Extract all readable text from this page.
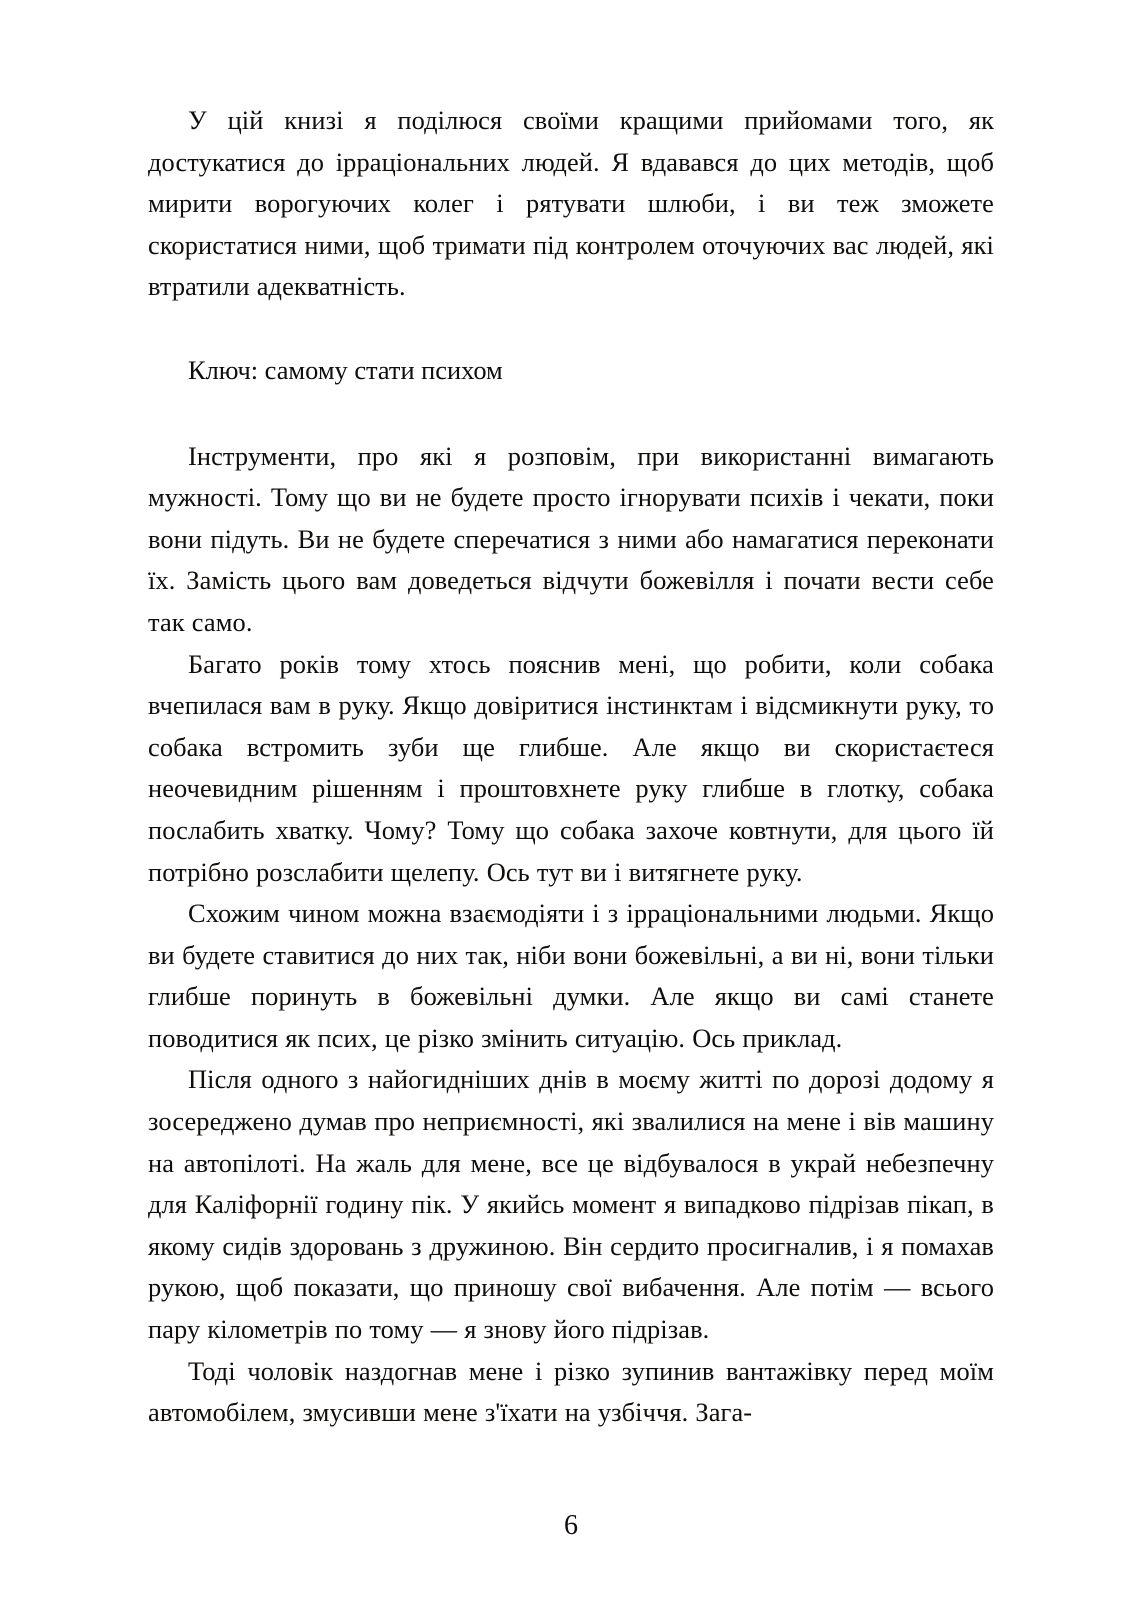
У цій книзі я поділюся своїми кращими прийомами того, як достукатися до ірраціональних людей. Я вдавався до цих методів, щоб мирити ворогуючих колег і рятувати шлюби, і ви теж зможете скористатися ними, щоб тримати під контролем оточуючих вас людей, які втратили адекватність.

Ключ: самому стати психом

Інструменти, про які я розповім, при використанні вимагають мужності. Тому що ви не будете просто ігнорувати психів і чекати, поки вони підуть. Ви не будете сперечатися з ними або намагатися переконати їх. Замість цього вам доведеться відчути божевілля і почати вести себе так само.

Багато років тому хтось пояснив мені, що робити, коли собака вчепилася вам в руку. Якщо довіритися інстинктам і відсмикнути руку, то собака встромить зуби ще глибше. Але якщо ви скористаєтеся неочевидним рішенням і проштовхнете руку глибше в глотку, собака послабить хватку. Чому? Тому що собака захоче ковтнути, для цього їй потрібно розслабити щелепу. Ось тут ви і витягнете руку.

Схожим чином можна взаємодіяти і з ірраціональними людьми. Якщо ви будете ставитися до них так, ніби вони божевільні, а ви ні, вони тільки глибше поринуть в божевільні думки. Але якщо ви самі станете поводитися як псих, це різко змінить ситуацію. Ось приклад.

Після одного з найогидніших днів в моєму житті по дорозі додому я зосереджено думав про неприємності, які звалилися на мене і вів машину на автопілоті. На жаль для мене, все це відбувалося в украй небезпечну для Каліфорнії годину пік. У якийсь момент я випадково підрізав пікап, в якому сидів здоровань з дружиною. Він сердито просигналив, і я помахав рукою, щоб показати, що приношу свої вибачення. Але потім — всього пару кілометрів по тому — я знову його підрізав.

Тоді чоловік наздогнав мене і різко зупинив вантажівку перед моїм автомобілем, змусивши мене з'їхати на узбіччя. Зага-

6
